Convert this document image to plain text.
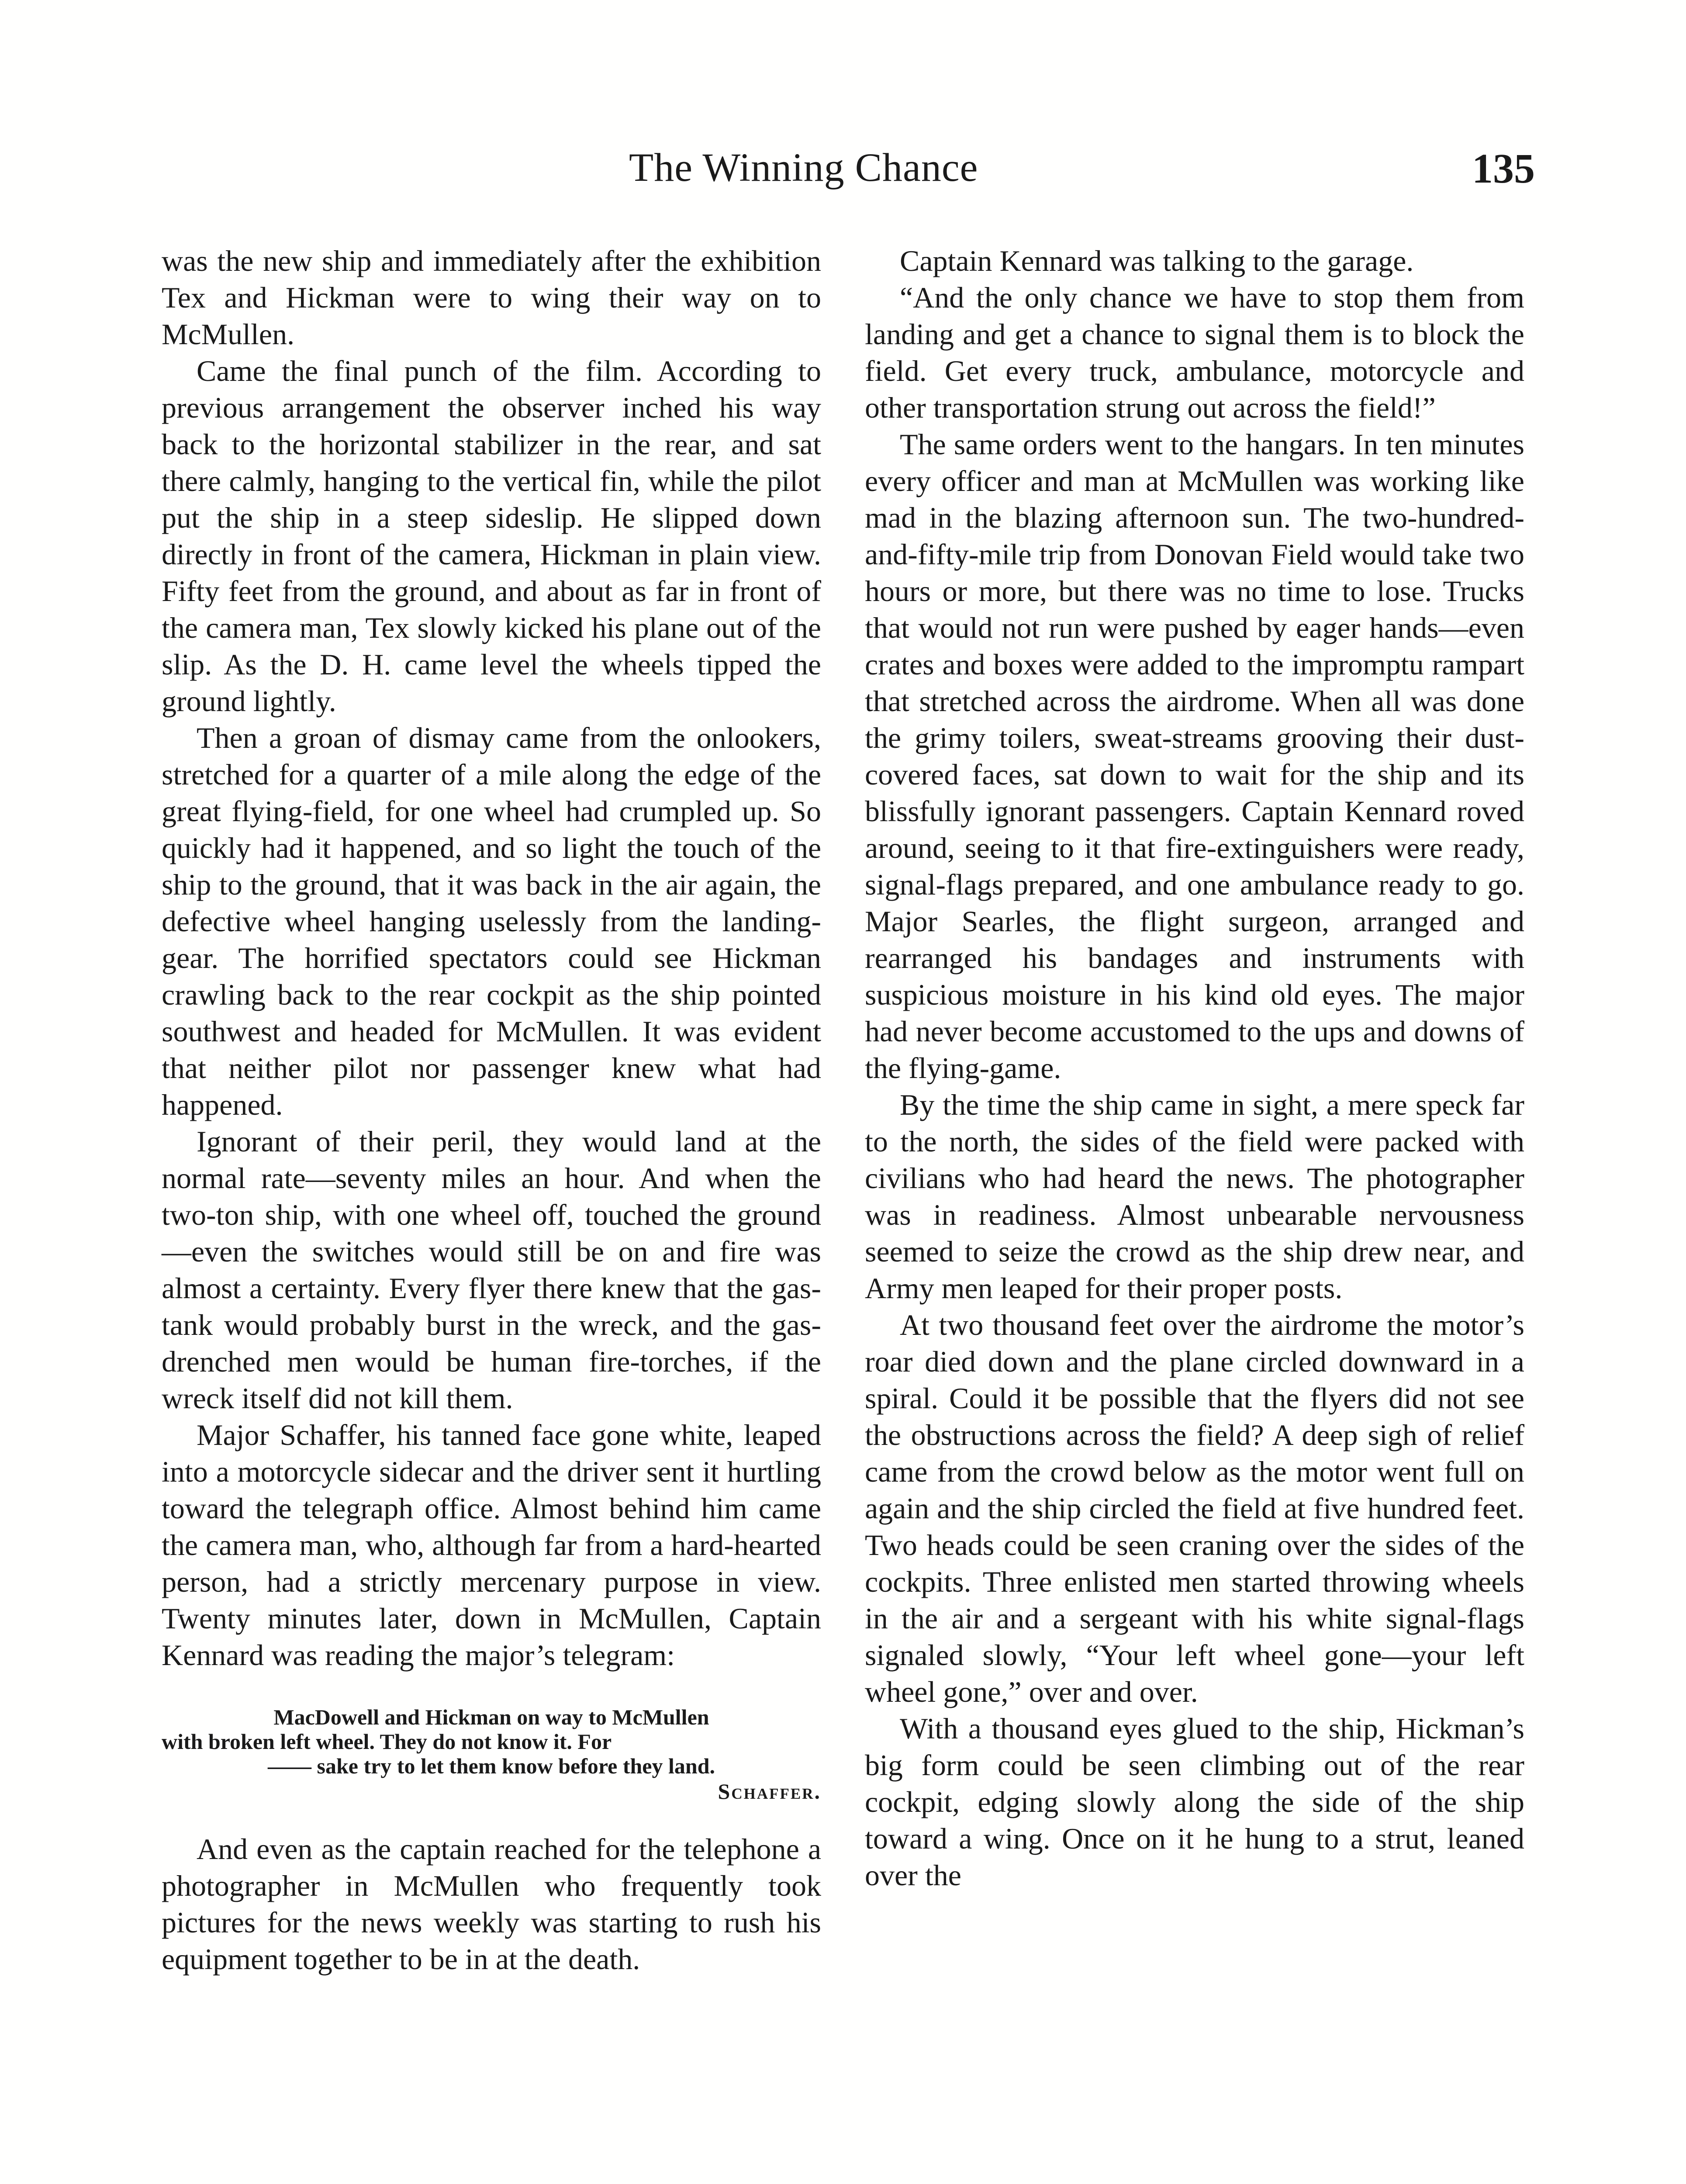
The Winning Chance	135

was the new ship and immediately after the exhibition Tex and Hickman were to wing their way on to McMullen.

Came the final punch of the film. According to previous arrangement the observer inched his way back to the horizontal stabilizer in the rear, and sat there calmly, hanging to the vertical fin, while the pilot put the ship in a steep sideslip. He slipped down directly in front of the camera, Hickman in plain view. Fifty feet from the ground, and about as far in front of the camera man, Tex slowly kicked his plane out of the slip. As the D. H. came level the wheels tipped the ground lightly.

Then a groan of dismay came from the onlookers, stretched for a quarter of a mile along the edge of the great flying-field, for one wheel had crumpled up. So quickly had it happened, and so light the touch of the ship to the ground, that it was back in the air again, the defective wheel hanging uselessly from the landing-gear. The horrified spectators could see Hickman crawling back to the rear cockpit as the ship pointed southwest and headed for McMullen. It was evident that neither pilot nor passenger knew what had happened.

Ignorant of their peril, they would land at the normal rate—seventy miles an hour. And when the two-ton ship, with one wheel off, touched the ground—even the switches would still be on and fire was almost a certainty. Every flyer there knew that the gas-tank would probably burst in the wreck, and the gas-drenched men would be human fire-torches, if the wreck itself did not kill them.

Major Schaffer, his tanned face gone white, leaped into a motorcycle sidecar and the driver sent it hurtling toward the telegraph office. Almost behind him came the camera man, who, although far from a hard-hearted person, had a strictly mercenary purpose in view. Twenty minutes later, down in McMullen, Captain Kennard was reading the major’s telegram:

MacDowell and Hickman on way to McMullen
with broken left wheel. They do not know it. For
—— sake try to let them know before they land.
Schaffer.

And even as the captain reached for the telephone a photographer in McMullen who frequently took pictures for the news weekly was starting to rush his equipment together to be in at the death.

Captain Kennard was talking to the garage.

“And the only chance we have to stop them from landing and get a chance to signal them is to block the field. Get every truck, ambulance, motorcycle and other transportation strung out across the field!”

The same orders went to the hangars. In ten minutes every officer and man at McMullen was working like mad in the blazing afternoon sun. The two-hundred-and-fifty-mile trip from Donovan Field would take two hours or more, but there was no time to lose. Trucks that would not run were pushed by eager hands—even crates and boxes were added to the impromptu rampart that stretched across the airdrome. When all was done the grimy toilers, sweat-streams grooving their dust-covered faces, sat down to wait for the ship and its blissfully ignorant passengers. Captain Kennard roved around, seeing to it that fire-extinguishers were ready, signal-flags prepared, and one ambulance ready to go. Major Searles, the flight surgeon, arranged and rearranged his bandages and instruments with suspicious moisture in his kind old eyes. The major had never become accustomed to the ups and downs of the flying-game.

By the time the ship came in sight, a mere speck far to the north, the sides of the field were packed with civilians who had heard the news. The photographer was in readiness. Almost unbearable nervousness seemed to seize the crowd as the ship drew near, and Army men leaped for their proper posts.

At two thousand feet over the airdrome the motor’s roar died down and the plane circled downward in a spiral. Could it be possible that the flyers did not see the obstructions across the field? A deep sigh of relief came from the crowd below as the motor went full on again and the ship circled the field at five hundred feet. Two heads could be seen craning over the sides of the cockpits. Three enlisted men started throwing wheels in the air and a sergeant with his white signal-flags signaled slowly, “Your left wheel gone—your left wheel gone,” over and over.

With a thousand eyes glued to the ship, Hickman’s big form could be seen climbing out of the rear cockpit, edging slowly along the side of the ship toward a wing. Once on it he hung to a strut, leaned over the
